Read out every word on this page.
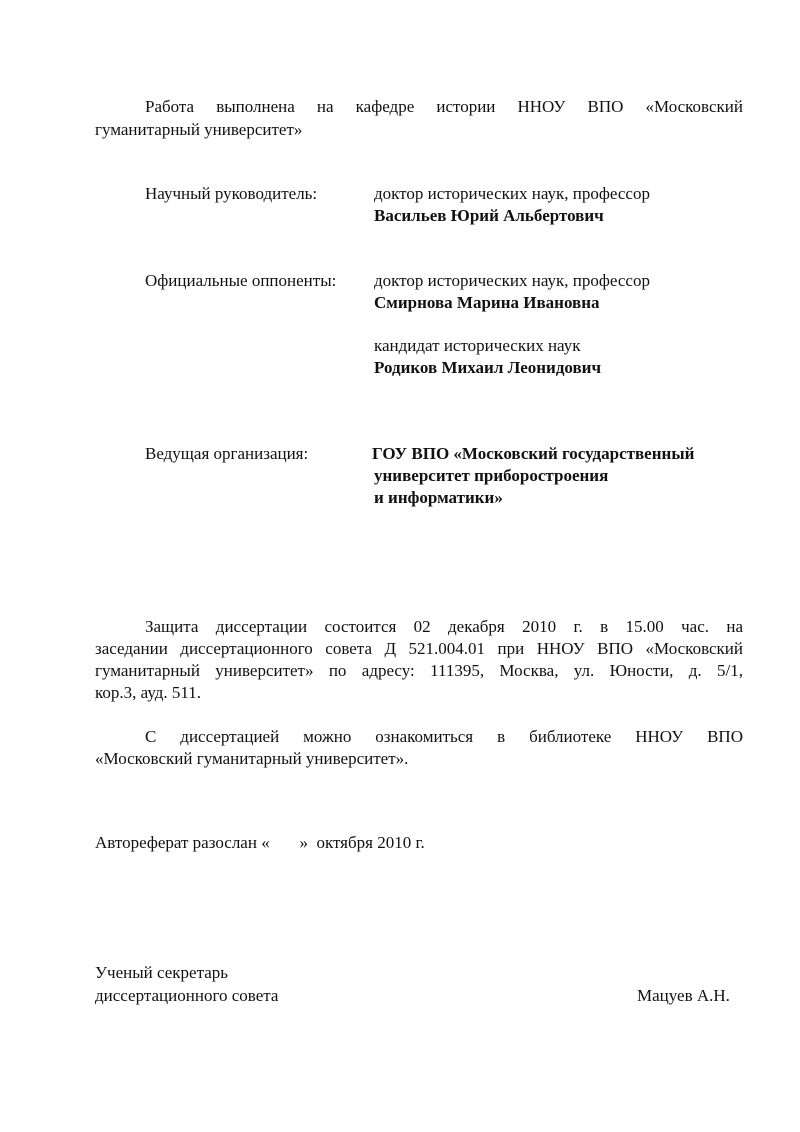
Работа выполнена на кафедре истории ННОУ ВПО «Московский
гуманитарный университет»
Научный руководитель:	доктор исторических наук, профессор
Васильев Юрий Альбертович
Официальные оппоненты: доктор исторических наук, профессор
Смирнова Марина Ивановна
кандидат исторических наук
Родиков Михаил Леонидович
Ведущая организация:	ГОУ ВПО «Московский государственный
университет приборостроения
и информатики»
Защита диссертации состоится 02 декабря 2010 г. в 15.00 час. на
заседании диссертационного совета Д 521.004.01 при ННОУ ВПО «Московский
гуманитарный университет» по адресу: 111395, Москва, ул. Юности, д. 5/1,
кор.3, ауд. 511.
С диссертацией можно ознакомиться в библиотеке ННОУ ВПО
«Московский гуманитарный университет».
Автореферат разослан «       »  октября 2010 г.
Ученый секретарь
диссертационного совета	Мацуев А.Н.
